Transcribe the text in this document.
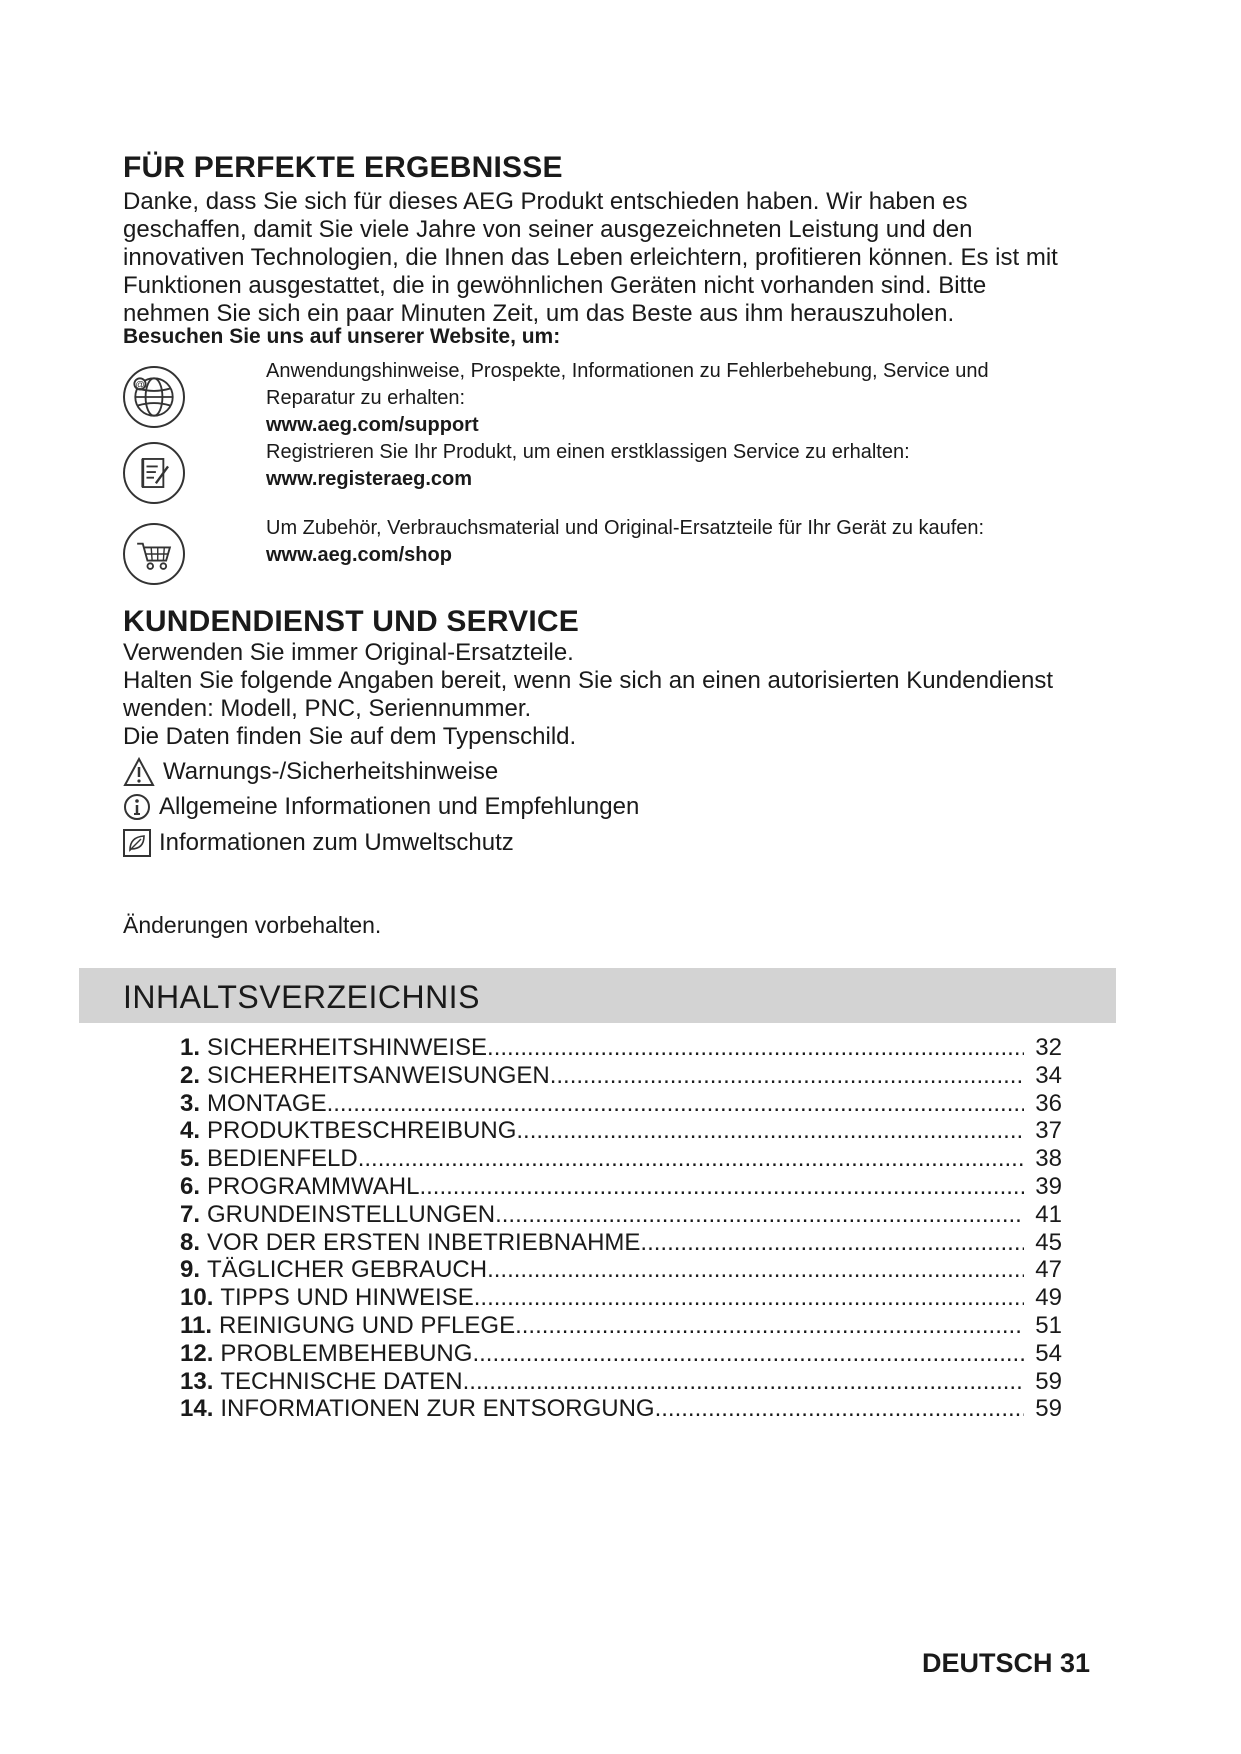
FÜR PERFEKTE ERGEBNISSE
Danke, dass Sie sich für dieses AEG Produkt entschieden haben. Wir haben es
geschaffen, damit Sie viele Jahre von seiner ausgezeichneten Leistung und den
innovativen Technologien, die Ihnen das Leben erleichtern, profitieren können. Es ist mit
Funktionen ausgestattet, die in gewöhnlichen Geräten nicht vorhanden sind. Bitte
nehmen Sie sich ein paar Minuten Zeit, um das Beste aus ihm herauszuholen.
Besuchen Sie uns auf unserer Website, um:
@
Anwendungshinweise, Prospekte, Informationen zu Fehlerbehebung, Service und
Reparatur zu erhalten:
www.aeg.com/support
Registrieren Sie Ihr Produkt, um einen erstklassigen Service zu erhalten:
www.registeraeg.com
Um Zubehör, Verbrauchsmaterial und Original-Ersatzteile für Ihr Gerät zu kaufen:
www.aeg.com/shop
KUNDENDIENST UND SERVICE
Verwenden Sie immer Original-Ersatzteile.
Halten Sie folgende Angaben bereit, wenn Sie sich an einen autorisierten Kundendienst
wenden: Modell, PNC, Seriennummer.
Die Daten finden Sie auf dem Typenschild.
Warnungs-/Sicherheitshinweise
Allgemeine Informationen und Empfehlungen
Informationen zum Umweltschutz
Änderungen vorbehalten.
INHALTSVERZEICHNIS
1. SICHERHEITSHINWEISE .....	32
2. SICHERHEITSANWEISUNGEN .....	34
3. MONTAGE .....	36
4. PRODUKTBESCHREIBUNG .....	37
5. BEDIENFELD .....	38
6. PROGRAMMWAHL .....	39
7. GRUNDEINSTELLUNGEN .....	41
8. VOR DER ERSTEN INBETRIEBNAHME .....	45
9. TÄGLICHER GEBRAUCH .....	47
10. TIPPS UND HINWEISE .....	49
11. REINIGUNG UND PFLEGE .....	51
12. PROBLEMBEHEBUNG .....	54
13. TECHNISCHE DATEN .....	59
14. INFORMATIONEN ZUR ENTSORGUNG .....	59
DEUTSCH 31
